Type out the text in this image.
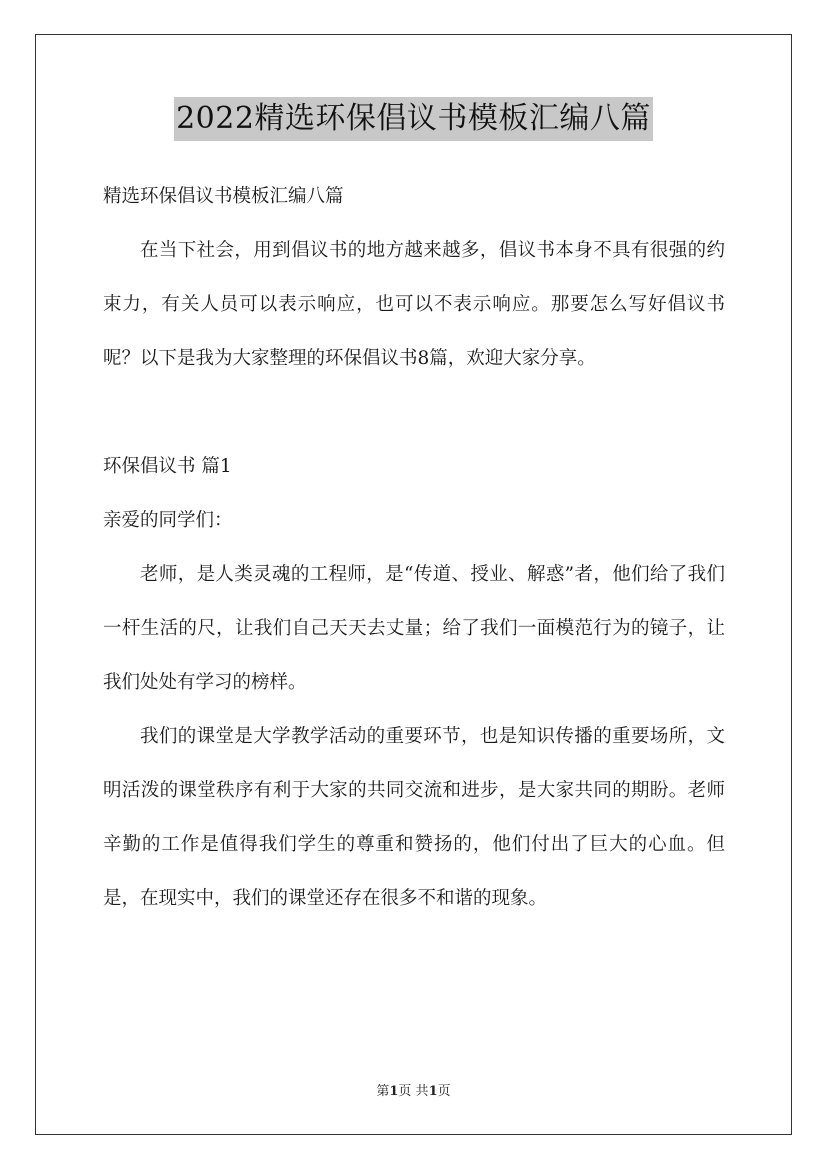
2022精选环保倡议书模板汇编八篇

精选环保倡议书模板汇编八篇

在当下社会，用到倡议书的地方越来越多，倡议书本身不具有很强的约束力，有关人员可以表示响应，也可以不表示响应。那要怎么写好倡议书呢？以下是我为大家整理的环保倡议书8篇，欢迎大家分享。

环保倡议书 篇1

亲爱的同学们：

老师，是人类灵魂的工程师，是“传道、授业、解惑”者，他们给了我们一杆生活的尺，让我们自己天天去丈量；给了我们一面模范行为的镜子，让我们处处有学习的榜样。

我们的课堂是大学教学活动的重要环节，也是知识传播的重要场所，文明活泼的课堂秩序有利于大家的共同交流和进步，是大家共同的期盼。老师辛勤的工作是值得我们学生的尊重和赞扬的，他们付出了巨大的心血。但是，在现实中，我们的课堂还存在很多不和谐的现象。

第1页 共1页
